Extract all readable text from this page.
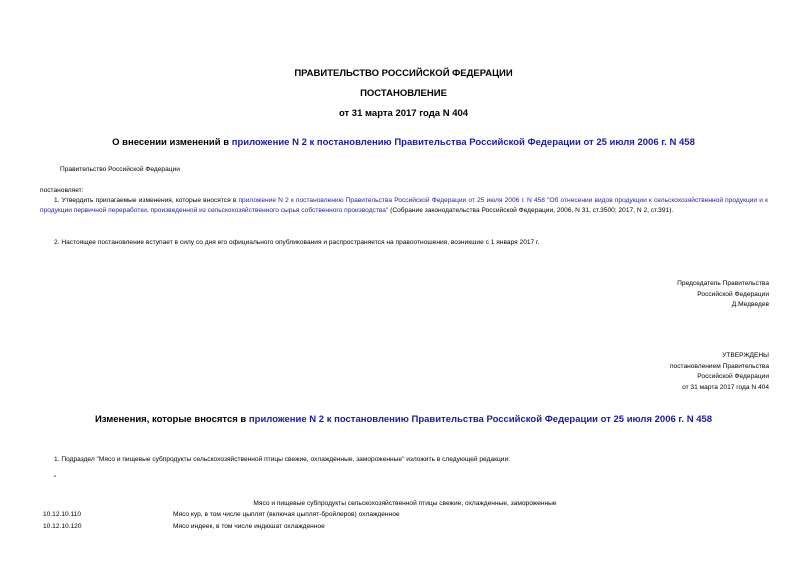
ПРАВИТЕЛЬСТВО РОССИЙСКОЙ ФЕДЕРАЦИИ
ПОСТАНОВЛЕНИЕ
от 31 марта 2017 года N 404
О внесении изменений в приложение N 2 к постановлению Правительства Российской Федерации от 25 июля 2006 г. N 458
Правительство Российской Федерации
постановляет:
1. Утвердить прилагаемые изменения, которые вносятся в приложение N 2 к постановлению Правительства Российской Федерации от 25 июля 2006 г. N 458 "Об отнесении видов продукции к сельскохозяйственной продукции и к продукции первичной переработки, произведенной из сельскохозяйственного сырья собственного производства" (Собрание законодательства Российской Федерации, 2006, N 31, ст.3500; 2017, N 2, ст.391).
2. Настоящее постановление вступает в силу со дня его официального опубликования и распространяется на правоотношения, возникшие с 1 января 2017 г.
Председатель Правительства
Российской Федерации
Д.Медведев
УТВЕРЖДЕНЫ
постановлением Правительства
Российской Федерации
от 31 марта 2017 года N 404
Изменения, которые вносятся в приложение N 2 к постановлению Правительства Российской Федерации от 25 июля 2006 г. N 458
1. Подраздел "Мясо и пищевые субпродукты сельскохозяйственной птицы свежие, охлажденные, замороженные" изложить в следующей редакции:
"
Мясо и пищевые субпродукты сельскохозяйственной птицы свежие, охлажденные, замороженные
10.12.10.110	Мясо кур, в том числе цыплят (включая цыплят-бройлеров) охлажденное
10.12.10.120	Мясо индеек, в том числе индюшат охлажденное
